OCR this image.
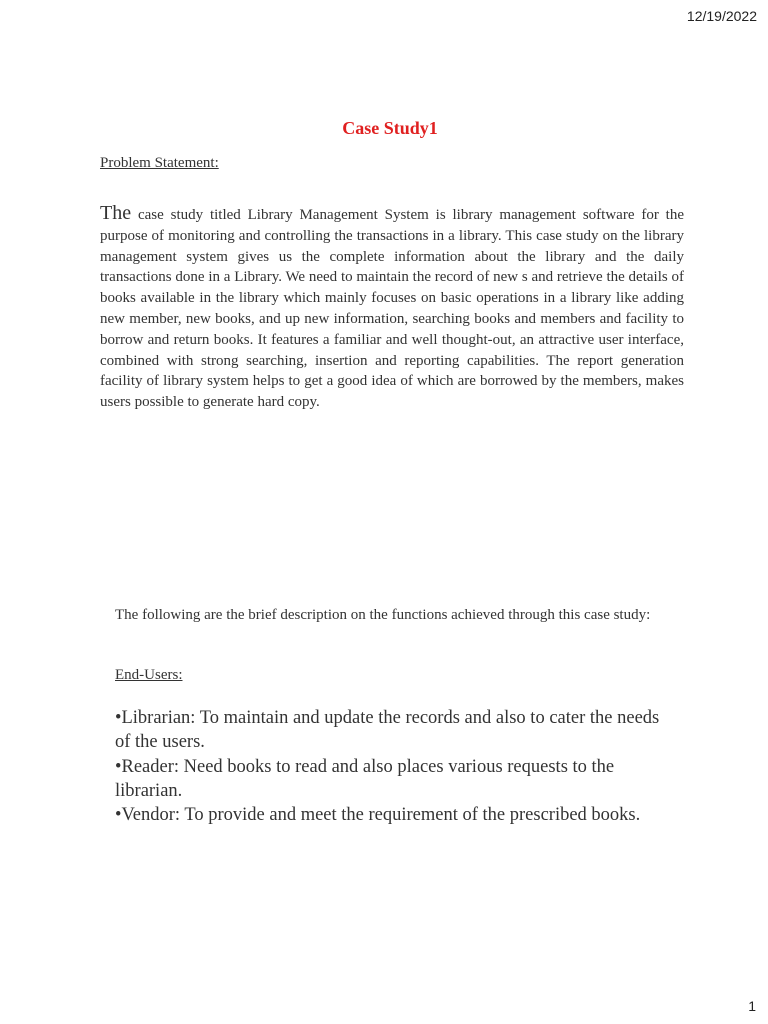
12/19/2022
Case Study1
Problem Statement:
The case study titled Library Management System is library management software for the purpose of monitoring and controlling the transactions in a library. This case study on the library management system gives us the complete information about the library and the daily transactions done in a Library. We need to maintain the record of new s and retrieve the details of books available in the library which mainly focuses on basic operations in a library like adding new member, new books, and up new information, searching books and members and facility to borrow and return books. It features a familiar and well thought-out, an attractive user interface, combined with strong searching, insertion and reporting capabilities. The report generation facility of library system helps to get a good idea of which are borrowed by the members, makes users possible to generate hard copy.
The following are the brief description on the functions achieved through this case study:
End-Users:
•Librarian: To maintain and update the records and also to cater the needs of the users.
•Reader: Need books to read and also places various requests to the librarian.
•Vendor: To provide and meet the requirement of the prescribed books.
1
